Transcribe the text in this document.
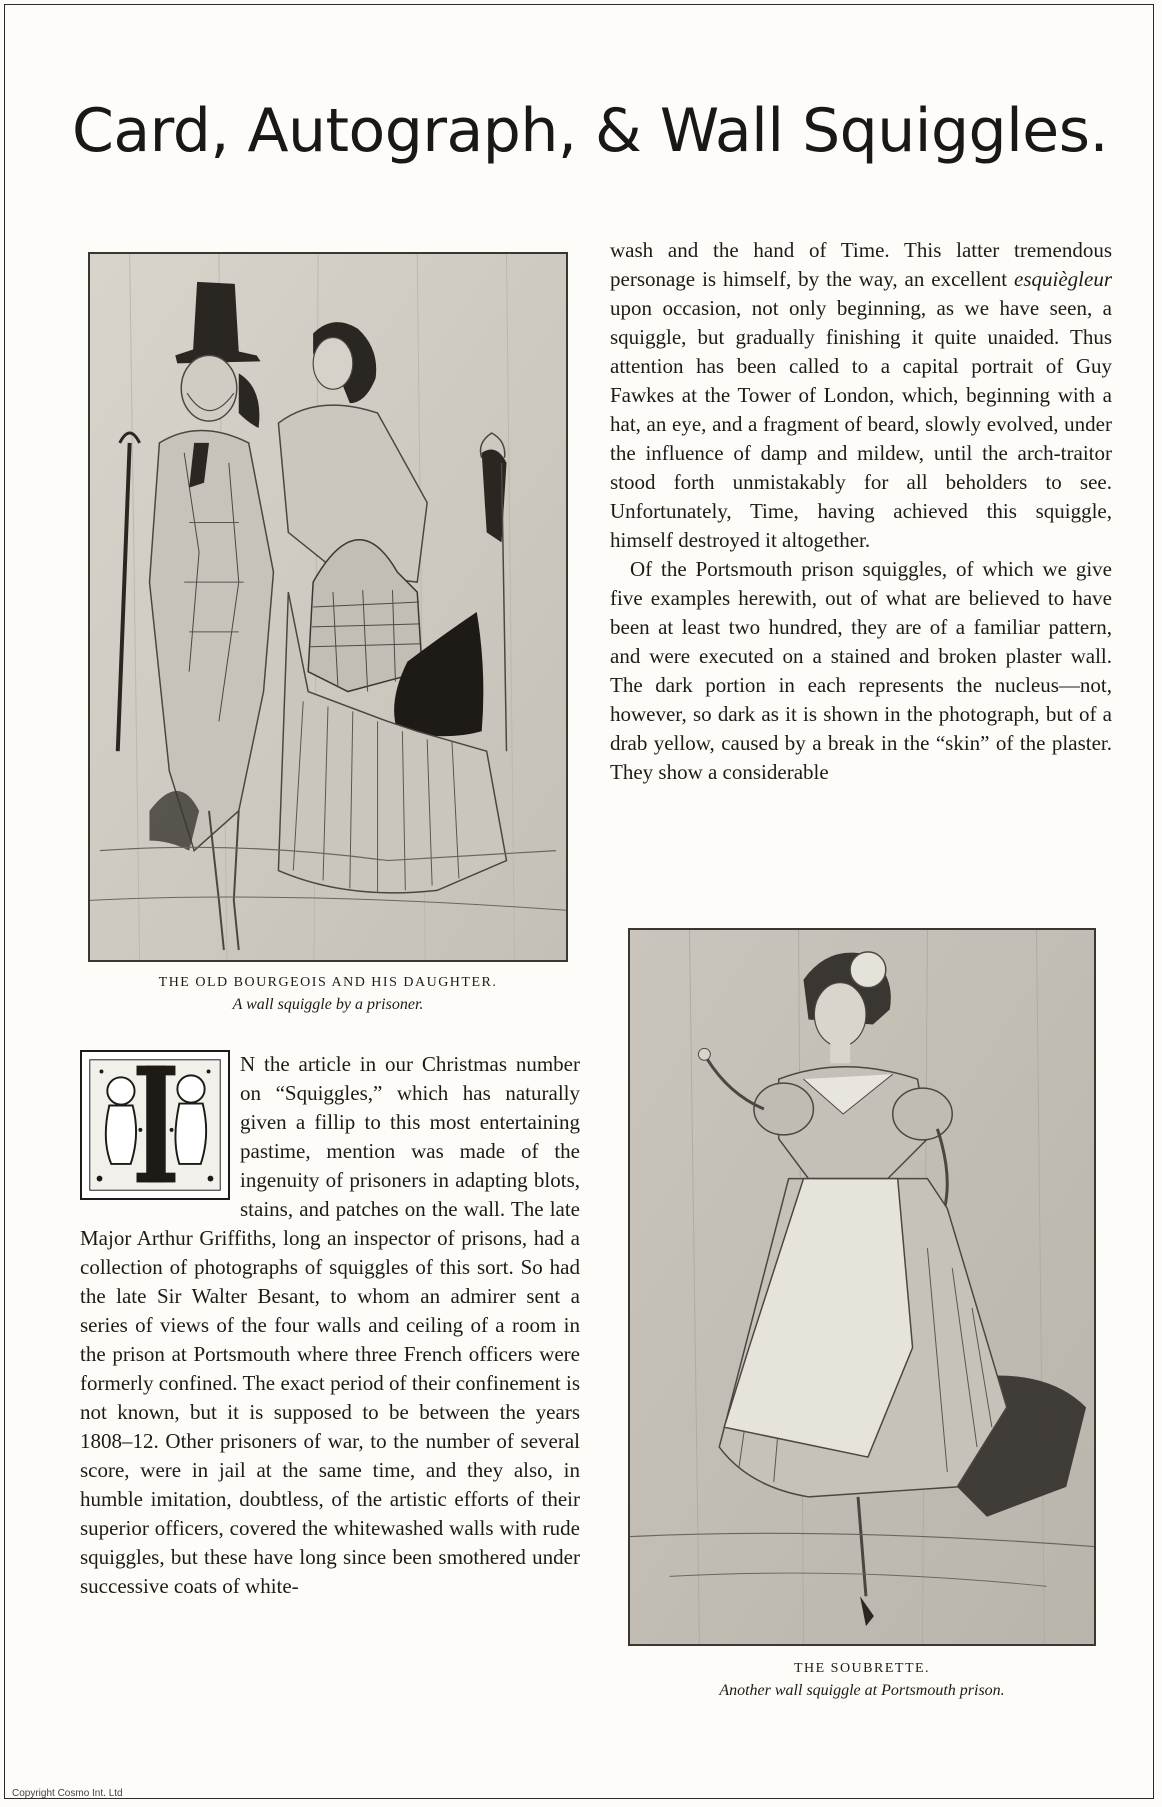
Card, Autograph, & Wall Squiggles.
THE OLD BOURGEOIS AND HIS DAUGHTER.
A wall squiggle by a prisoner.
I

N the article in our Christmas number on “Squiggles,” which has naturally given a fillip to this most entertaining pastime, mention was made of the ingenuity of prisoners in adapting blots, stains, and patches on the wall. The late Major Arthur Griffiths, long an inspector of prisons, had a collection of photographs of squiggles of this sort. So had the late Sir Walter Besant, to whom an admirer sent a series of views of the four walls and ceiling of a room in the prison at Portsmouth where three French officers were formerly confined. The exact period of their confinement is not known, but it is supposed to be between the years 1808–12. Other prisoners of war, to the number of several score, were in jail at the same time, and they also, in humble imitation, doubtless, of the artistic efforts of their superior officers, covered the whitewashed walls with rude squiggles, but these have long since been smothered under successive coats of white-

wash and the hand of Time. This latter tremendous personage is himself, by the way, an excellent esquiègleur upon occasion, not only beginning, as we have seen, a squiggle, but gradually finishing it quite unaided. Thus attention has been called to a capital portrait of Guy Fawkes at the Tower of London, which, beginning with a hat, an eye, and a fragment of beard, slowly evolved, under the influence of damp and mildew, until the arch-traitor stood forth unmistakably for all beholders to see. Unfortunately, Time, having achieved this squiggle, himself destroyed it altogether.

Of the Portsmouth prison squiggles, of which we give five examples herewith, out of what are believed to have been at least two hundred, they are of a familiar pattern, and were executed on a stained and broken plaster wall. The dark portion in each represents the nucleus—not, however, so dark as it is shown in the photograph, but of a drab yellow, caused by a break in the “skin” of the plaster. They show a considerable

THE SOUBRETTE.
Another wall squiggle at Portsmouth prison.
Copyright Cosmo Int. Ltd
